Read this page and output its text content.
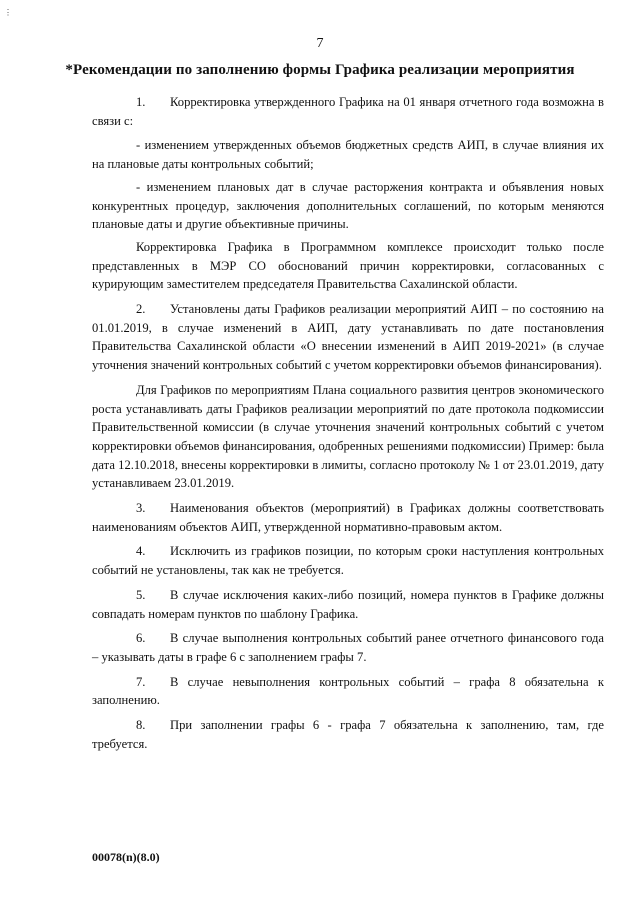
⋮
7
*Рекомендации по заполнению формы Графика реализации мероприятия

1. Корректировка утвержденного Графика на 01 января отчетного года возможна в связи с:

- изменением утвержденных объемов бюджетных средств АИП, в случае влияния их на плановые даты контрольных событий;

- изменением плановых дат в случае расторжения контракта и объявления новых конкурентных процедур, заключения дополнительных соглашений, по которым меняются плановые даты и другие объективные причины.

Корректировка Графика в Программном комплексе происходит только после представленных в МЭР СО обоснований причин корректировки, согласованных с курирующим заместителем председателя Правительства Сахалинской области.

2. Установлены даты Графиков реализации мероприятий АИП – по состоянию на 01.01.2019, в случае изменений в АИП, дату устанавливать по дате постановления Правительства Сахалинской области «О внесении изменений в АИП 2019-2021» (в случае уточнения значений контрольных событий с учетом корректировки объемов финансирования).

Для Графиков по мероприятиям Плана социального развития центров экономического роста устанавливать даты Графиков реализации мероприятий по дате протокола подкомиссии Правительственной комиссии (в случае уточнения значений контрольных событий с учетом корректировки объемов финансирования, одобренных решениями подкомиссии) Пример: была дата 12.10.2018, внесены корректировки в лимиты, согласно протоколу № 1 от 23.01.2019, дату устанавливаем 23.01.2019.

3. Наименования объектов (мероприятий) в Графиках должны соответствовать наименованиям объектов АИП, утвержденной нормативно-правовым актом.

4. Исключить из графиков позиции, по которым сроки наступления контрольных событий не установлены, так как не требуется.

5. В случае исключения каких-либо позиций, номера пунктов в Графике должны совпадать номерам пунктов по шаблону Графика.

6. В случае выполнения контрольных событий ранее отчетного финансового года – указывать даты в графе 6 с заполнением графы 7.

7. В случае невыполнения контрольных событий – графа 8 обязательна к заполнению.

8. При заполнении графы 6 - графа 7 обязательна к заполнению, там, где требуется.

00078(n)(8.0)
